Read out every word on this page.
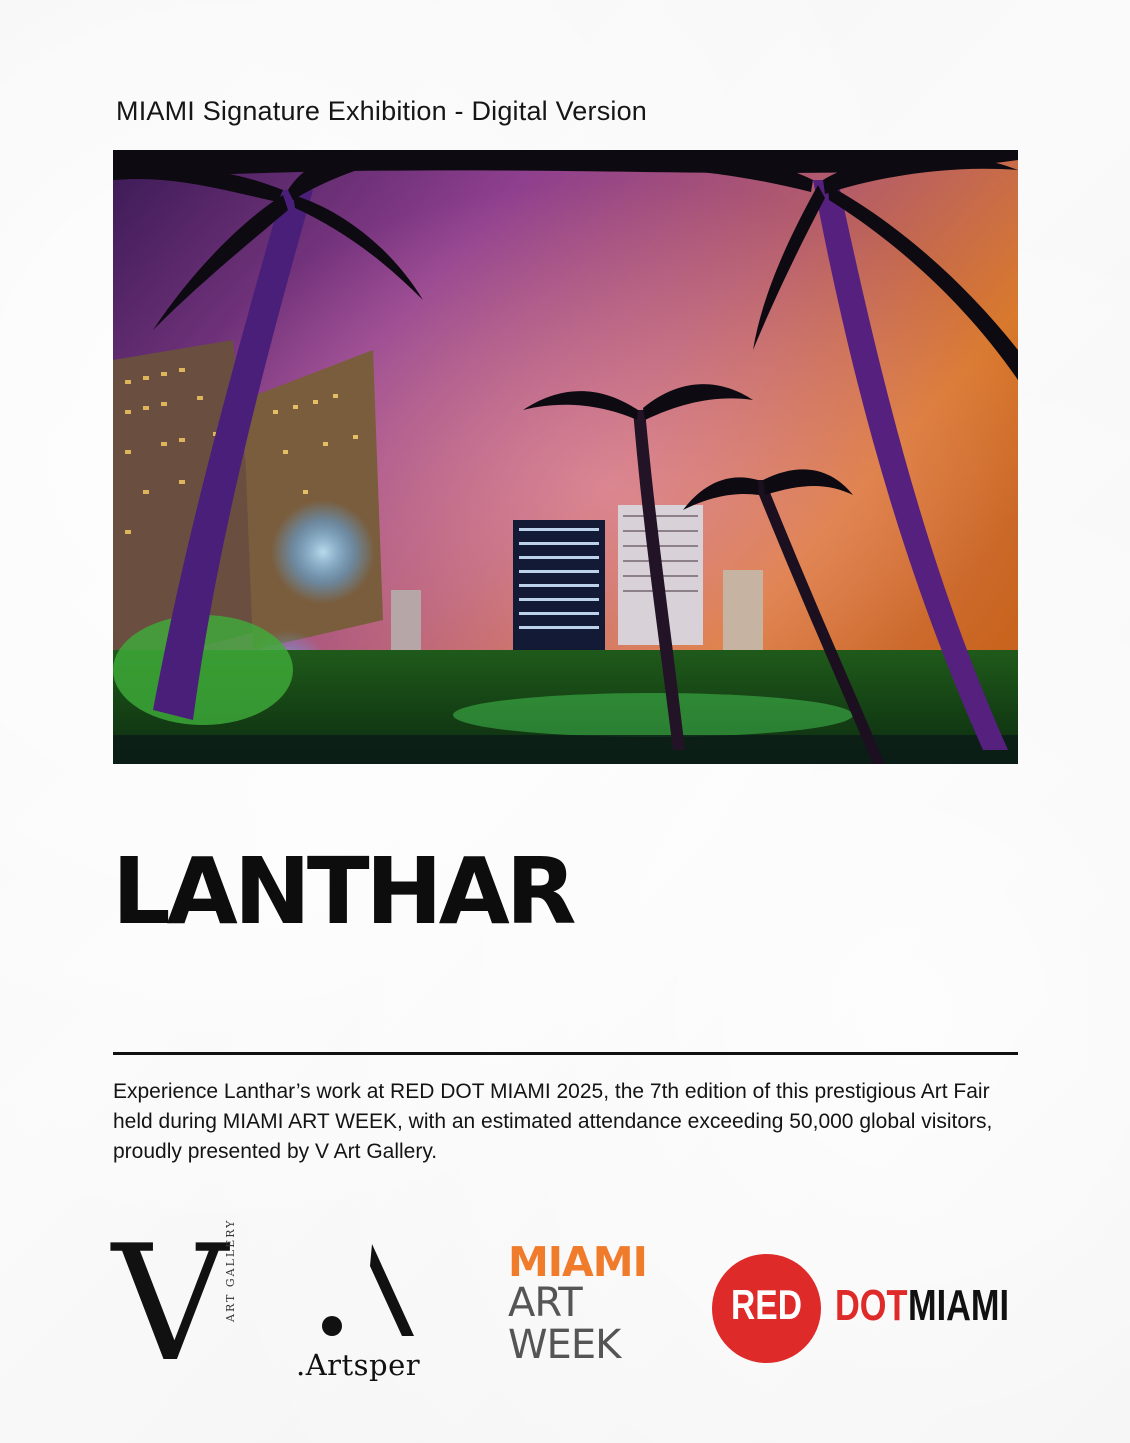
MIAMI Signature Exhibition - Digital Version
LANTHAR
Experience Lanthar’s work at RED DOT MIAMI 2025, the 7th edition of this prestigious Art Fair held during MIAMI ART WEEK, with an estimated attendance exceeding 50,000 global visitors, proudly presented by V Art Gallery.
V
ART GALLERY
.Artsper
MIAMI
ART
WEEK
RED DOT MIAMI
